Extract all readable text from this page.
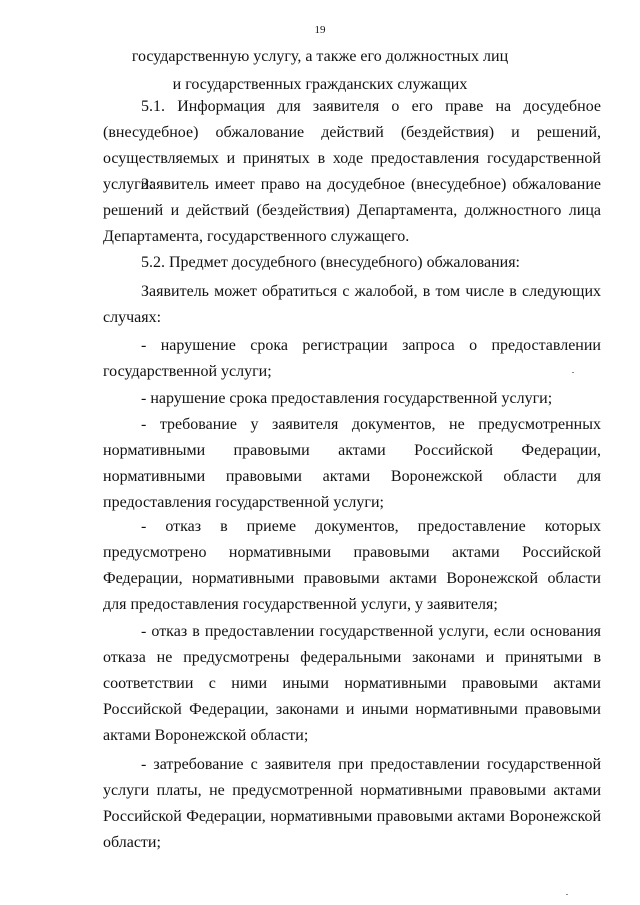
19
государственную услугу, а также его должностных лиц
и государственных гражданских служащих

5.1. Информация для заявителя о его праве на досудебное (внесудебное) обжалование действий (бездействия) и решений, осуществляемых и принятых в ходе предоставления государственной услуги:

Заявитель имеет право на досудебное (внесудебное) обжалование решений и действий (бездействия) Департамента, должностного лица Департамента, государственного служащего.

5.2. Предмет досудебного (внесудебного) обжалования:

Заявитель может обратиться с жалобой, в том числе в следующих случаях:

- нарушение срока регистрации запроса о предоставлении государственной услуги;

- нарушение срока предоставления государственной услуги;

- требование у заявителя документов, не предусмотренных нормативными правовыми актами Российской Федерации, нормативными правовыми актами Воронежской области для предоставления государственной услуги;

- отказ в приеме документов, предоставление которых предусмотрено нормативными правовыми актами Российской Федерации, нормативными правовыми актами Воронежской области для предоставления государственной услуги, у заявителя;

- отказ в предоставлении государственной услуги, если основания отказа не предусмотрены федеральными законами и принятыми в соответствии с ними иными нормативными правовыми актами Российской Федерации, законами и иными нормативными правовыми актами Воронежской области;

- затребование с заявителя при предоставлении государственной услуги платы, не предусмотренной нормативными правовыми актами Российской Федерации, нормативными правовыми актами Воронежской области;
